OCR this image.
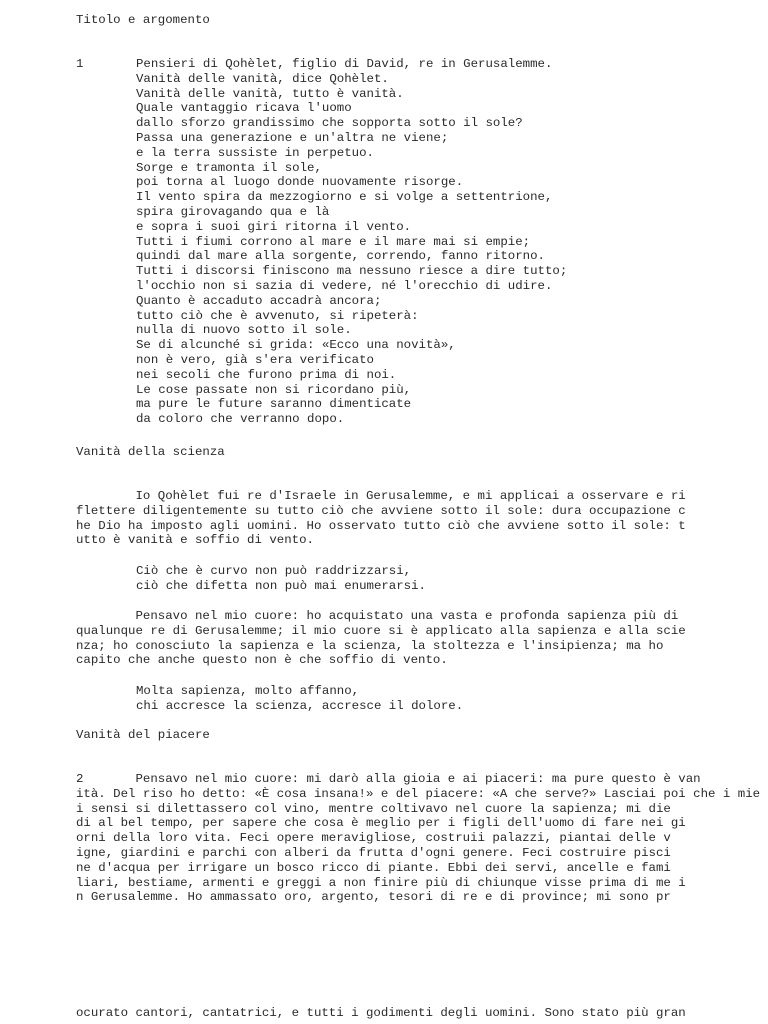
Titolo e argomento
1	Pensieri di Qohèlet, figlio di David, re in Gerusalemme.
Vanità delle vanità, dice Qohèlet.
Vanità delle vanità, tutto è vanità.
Quale vantaggio ricava l'uomo
dallo sforzo grandissimo che sopporta sotto il sole?
Passa una generazione e un'altra ne viene;
e la terra sussiste in perpetuo.
Sorge e tramonta il sole,
poi torna al luogo donde nuovamente risorge.
Il vento spira da mezzogiorno e si volge a settentrione,
spira girovagando qua e là
e sopra i suoi giri ritorna il vento.
Tutti i fiumi corrono al mare e il mare mai si empie;
quindi dal mare alla sorgente, correndo, fanno ritorno.
Tutti i discorsi finiscono ma nessuno riesce a dire tutto;
l'occhio non si sazia di vedere, né l'orecchio di udire.
Quanto è accaduto accadrà ancora;
tutto ciò che è avvenuto, si ripeterà:
nulla di nuovo sotto il sole.
Se di alcunché si grida: «Ecco una novità»,
non è vero, già s'era verificato
nei secoli che furono prima di noi.
Le cose passate non si ricordano più,
ma pure le future saranno dimenticate
da coloro che verranno dopo.
Vanità della scienza
Io Qohèlet fui re d'Israele in Gerusalemme, e mi applicai a osservare e ri
flettere diligentemente su tutto ciò che avviene sotto il sole: dura occupazione c
he Dio ha imposto agli uomini. Ho osservato tutto ciò che avviene sotto il sole: t
utto è vanità e soffio di vento.
Ciò che è curvo non può raddrizzarsi,
ciò che difetta non può mai enumerarsi.
Pensavo nel mio cuore: ho acquistato una vasta e profonda sapienza più di
qualunque re di Gerusalemme; il mio cuore si è applicato alla sapienza e alla scie
nza; ho conosciuto la sapienza e la scienza, la stoltezza e l'insipienza; ma ho
capito che anche questo non è che soffio di vento.
Molta sapienza, molto affanno,
chi accresce la scienza, accresce il dolore.
Vanità del piacere
2       Pensavo nel mio cuore: mi darò alla gioia e ai piaceri: ma pure questo è van
ità. Del riso ho detto: «È cosa insana!» e del piacere: «A che serve?» Lasciai poi che i mie
i sensi si dilettassero col vino, mentre coltivavo nel cuore la sapienza; mi die
di al bel tempo, per sapere che cosa è meglio per i figli dell'uomo di fare nei gi
orni della loro vita. Feci opere meravigliose, costruii palazzi, piantai delle v
igne, giardini e parchi con alberi da frutta d'ogni genere. Feci costruire pisci
ne d'acqua per irrigare un bosco ricco di piante. Ebbi dei servi, ancelle e fami
liari, bestiame, armenti e greggi a non finire più di chiunque visse prima di me i
n Gerusalemme. Ho ammassato oro, argento, tesori di re e di province; mi sono pr
ocurato cantori, cantatrici, e tutti i godimenti degli uomini. Sono stato più gran
